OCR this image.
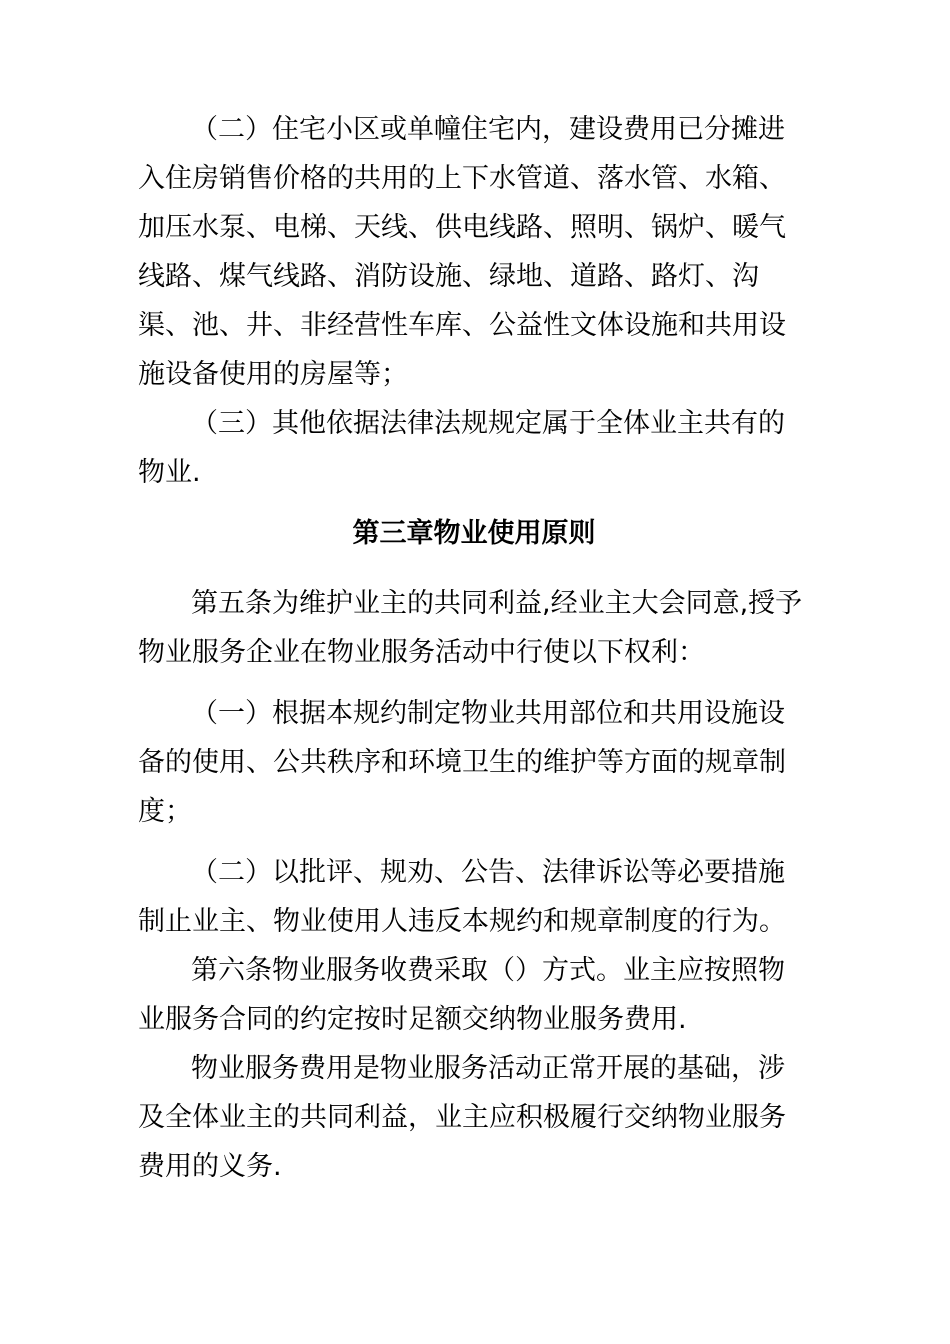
（二）住宅小区或单幢住宅内，建设费用已分摊进入住房销售价格的共用的上下水管道、落水管、水箱、加压水泵、电梯、天线、供电线路、照明、锅炉、暖气线路、煤气线路、消防设施、绿地、道路、路灯、沟渠、池、井、非经营性车库、公益性文体设施和共用设施设备使用的房屋等；

（三）其他依据法律法规规定属于全体业主共有的物业.

第三章物业使用原则

第五条为维护业主的共同利益,经业主大会同意,授予物业服务企业在物业服务活动中行使以下权利：

（一）根据本规约制定物业共用部位和共用设施设备的使用、公共秩序和环境卫生的维护等方面的规章制度；

（二）以批评、规劝、公告、法律诉讼等必要措施制止业主、物业使用人违反本规约和规章制度的行为。

第六条物业服务收费采取（）方式。业主应按照物业服务合同的约定按时足额交纳物业服务费用.

物业服务费用是物业服务活动正常开展的基础，涉及全体业主的共同利益，业主应积极履行交纳物业服务费用的义务.
